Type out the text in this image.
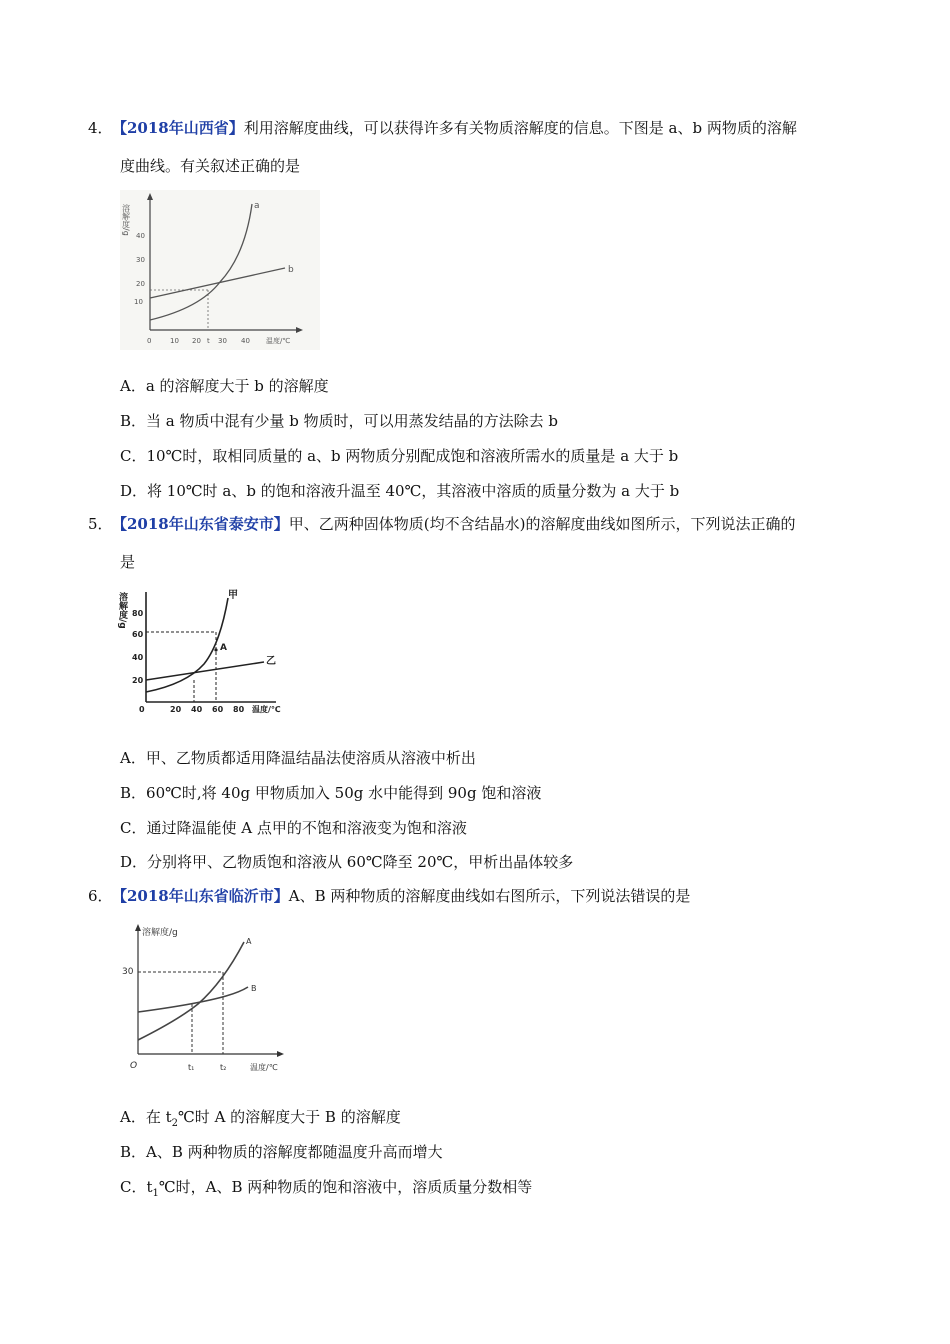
4． 【2018年山西省】利用溶解度曲线，可以获得许多有关物质溶解度的信息。下图是 a、b 两物质的溶解
度曲线。有关叙述正确的是
溶解度/g
40
30
20
10
0	10 20 t 30 40 温度/℃
b
a
A．a 的溶解度大于 b 的溶解度
B．当 a 物质中混有少量 b 物质时，可以用蒸发结晶的方法除去 b
C．10℃时，取相同质量的 a、b 两物质分别配成饱和溶液所需水的质量是 a 大于 b
D．将 10℃时 a、b 的饱和溶液升温至 40℃，其溶液中溶质的质量分数为 a 大于 b
5． 【2018年山东省泰安市】甲、乙两种固体物质(均不含结晶水)的溶解度曲线如图所示，下列说法正确的
是
溶解度/g 80
60
40
20
0	20 40 60 80 温度/℃
乙
甲
A
A．甲、乙物质都适用降温结晶法使溶质从溶液中析出
B．60℃时,将 40g 甲物质加入 50g 水中能得到 90g 饱和溶液
C．通过降温能使 A 点甲的不饱和溶液变为饱和溶液
D．分别将甲、乙物质饱和溶液从 60℃降至 20℃，甲析出晶体较多
6． 【2018年山东省临沂市】A、B 两种物质的溶解度曲线如右图所示，下列说法错误的是
溶解度/g
30
O	t₁	t₂	温度/℃
B
A
A．在 $t_2℃$时 A 的溶解度大于 B 的溶解度
B．A、B 两种物质的溶解度都随温度升高而增大
C．$t_1℃$时，A、B 两种物质的饱和溶液中，溶质质量分数相等
